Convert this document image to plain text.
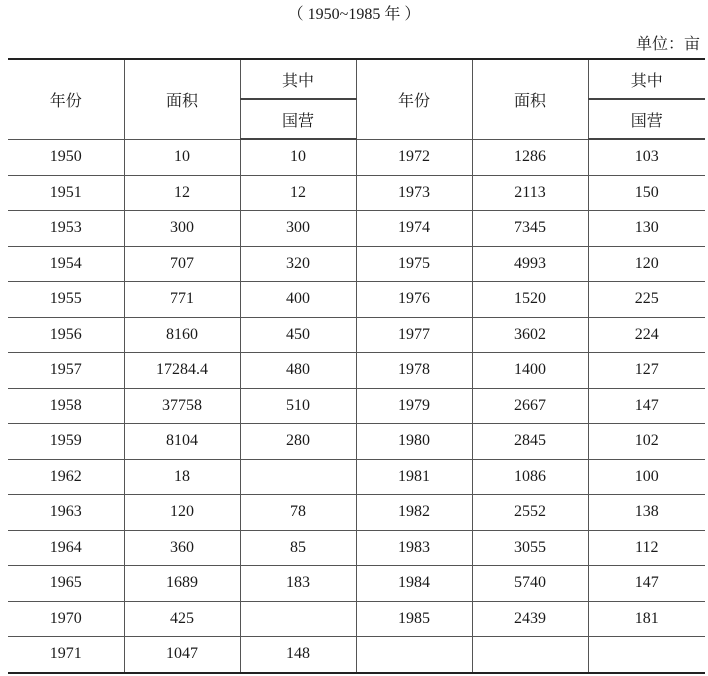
（ 1950~1985 年 ）
单位：亩
年份	面积	其中	年份	面积	其中
		国营			国营
1950	10	10	1972	1286	103
1951	12	12	1973	2113	150
1953	300	300	1974	7345	130
1954	707	320	1975	4993	120
1955	771	400	1976	1520	225
1956	8160	450	1977	3602	224
1957	17284.4	480	1978	1400	127
1958	37758	510	1979	2667	147
1959	8104	280	1980	2845	102
1962	18		1981	1086	100
1963	120	78	1982	2552	138
1964	360	85	1983	3055	112
1965	1689	183	1984	5740	147
1970	425		1985	2439	181
1971	1047	148			
